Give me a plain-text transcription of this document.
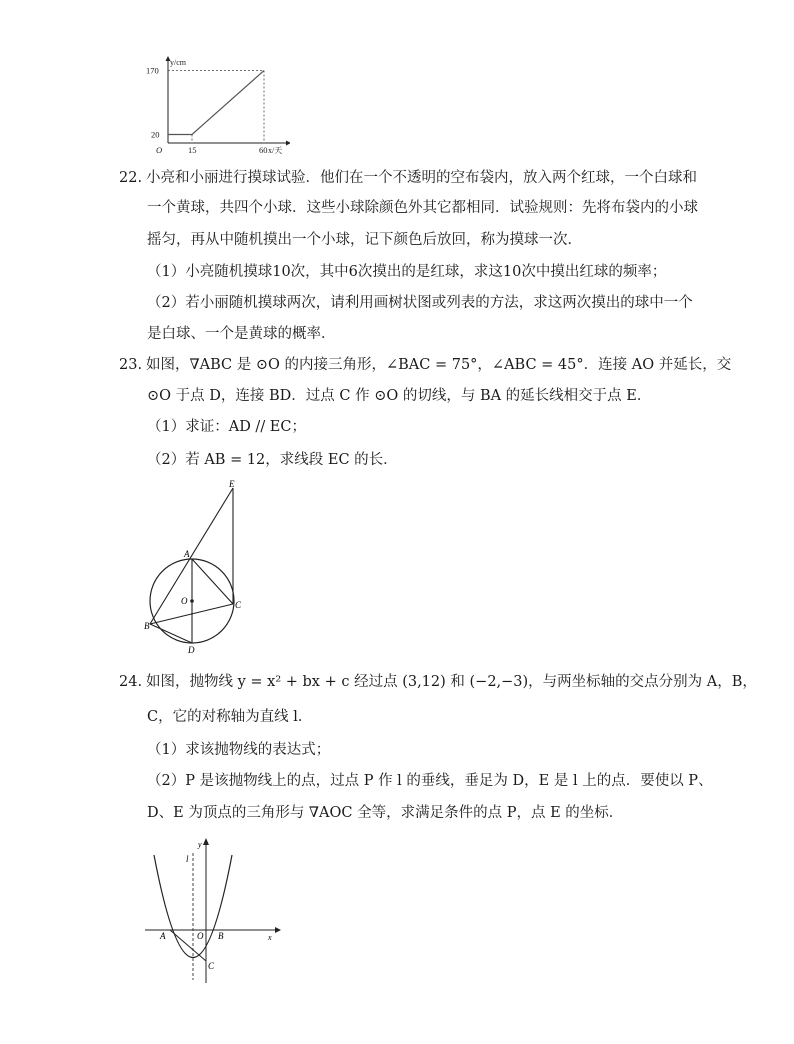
170
20
15	60
O
y/cm
x/天
22. 小亮和小丽进行摸球试验．他们在一个不透明的空布袋内，放入两个红球，一个白球和
一个黄球，共四个小球．这些小球除颜色外其它都相同．试验规则：先将布袋内的小球
摇匀，再从中随机摸出一个小球，记下颜色后放回，称为摸球一次．
（1）小亮随机摸球10次，其中6次摸出的是红球，求这10次中摸出红球的频率；
（2）若小丽随机摸球两次，请利用画树状图或列表的方法，求这两次摸出的球中一个
是白球、一个是黄球的概率．
23. 如图，∇ABC 是 ⊙O 的内接三角形，∠BAC = 75°，∠ABC = 45°．连接 AO 并延长，交
⊙O 于点 D，连接 BD．过点 C 作 ⊙O 的切线，与 BA 的延长线相交于点 E．
（1）求证：AD // EC；
（2）若 AB = 12，求线段 EC 的长．
E
A
O	C
B
D
24. 如图，抛物线 y = x² + bx + c 经过点 (3,12) 和 (−2,−3)，与两坐标轴的交点分别为 A，B，
C，它的对称轴为直线 l．
（1）求该抛物线的表达式；
（2）P 是该抛物线上的点，过点 P 作 l 的垂线，垂足为 D，E 是 l 上的点．要使以 P、
D、E 为顶点的三角形与 ∇AOC 全等，求满足条件的点 P，点 E 的坐标．
y
l
A	O B	x
C
